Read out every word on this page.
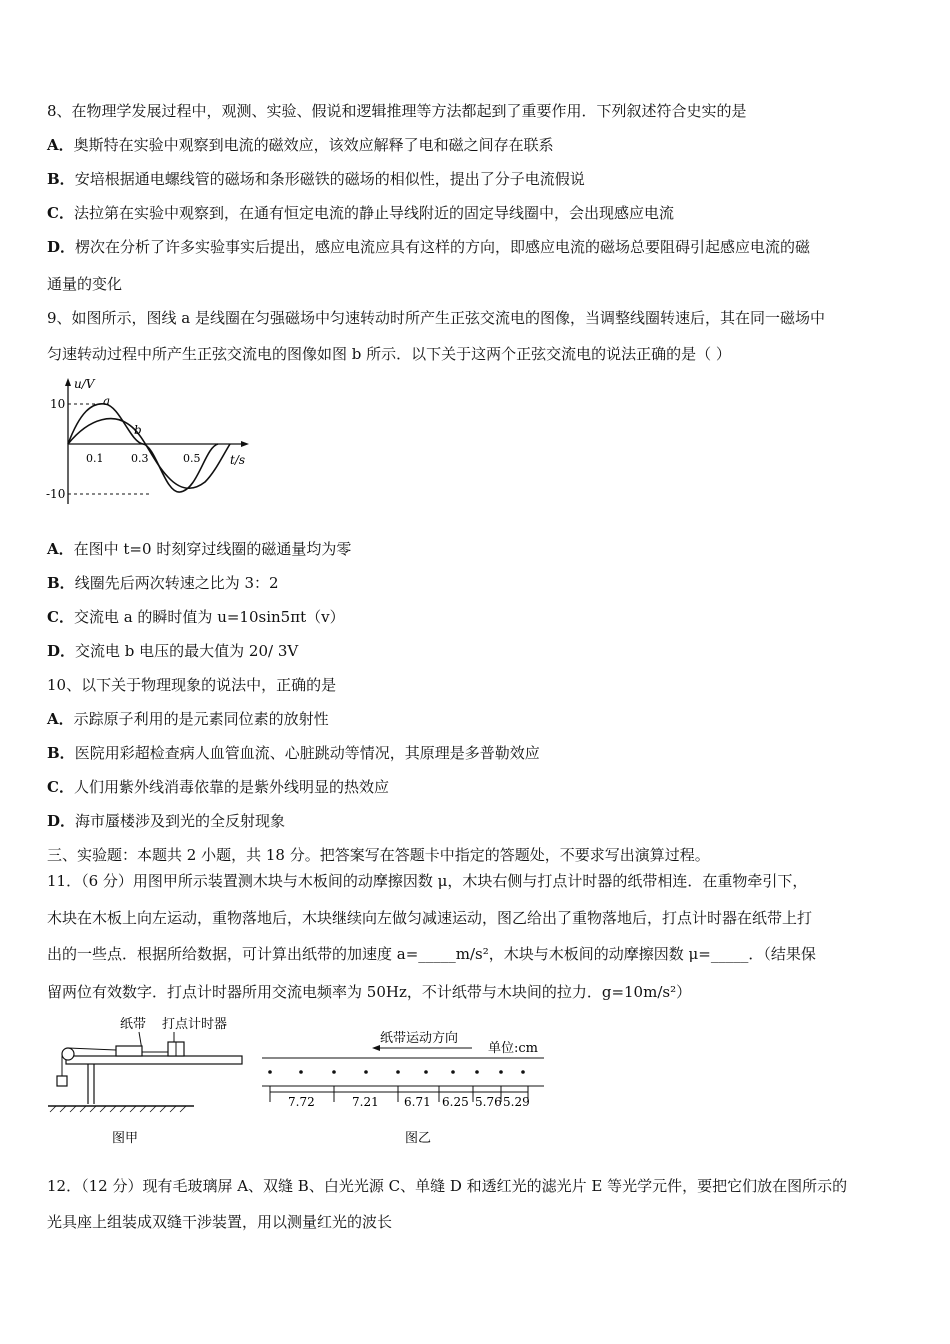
8、在物理学发展过程中，观测、实验、假说和逻辑推理等方法都起到了重要作用．下列叙述符合史实的是
A．奥斯特在实验中观察到电流的磁效应，该效应解释了电和磁之间存在联系
B．安培根据通电螺线管的磁场和条形磁铁的磁场的相似性，提出了分子电流假说
C．法拉第在实验中观察到，在通有恒定电流的静止导线附近的固定导线圈中，会出现感应电流
D．楞次在分析了许多实验事实后提出，感应电流应具有这样的方向，即感应电流的磁场总要阻碍引起感应电流的磁
通量的变化
9、如图所示，图线 a 是线圈在匀强磁场中匀速转动时所产生正弦交流电的图像，当调整线圈转速后，其在同一磁场中
匀速转动过程中所产生正弦交流电的图像如图 b 所示．以下关于这两个正弦交流电的说法正确的是（ ）
u/V
10
-10
a
b
0.1	0.3	0.5 t/s
A．在图中 t=0 时刻穿过线圈的磁通量均为零
B．线圈先后两次转速之比为 3：2
C．交流电 a 的瞬时值为 u=10sin5πt（v）
D．交流电 b 电压的最大值为 20/ 3V
10、以下关于物理现象的说法中，正确的是
A．示踪原子利用的是元素同位素的放射性
B．医院用彩超检查病人血管血流、心脏跳动等情况，其原理是多普勒效应
C．人们用紫外线消毒依靠的是紫外线明显的热效应
D．海市蜃楼涉及到光的全反射现象
三、实验题：本题共 2 小题，共 18 分。把答案写在答题卡中指定的答题处，不要求写出演算过程。
11．（6 分）用图甲所示装置测木块与木板间的动摩擦因数 μ，木块右侧与打点计时器的纸带相连．在重物牵引下，
木块在木板上向左运动，重物落地后，木块继续向左做匀减速运动，图乙给出了重物落地后，打点计时器在纸带上打
出的一些点．根据所给数据，可计算出纸带的加速度 a=_____m/s²，木块与木板间的动摩擦因数 μ=_____．（结果保
留两位有效数字．打点计时器所用交流电频率为 50Hz，不计纸带与木块间的拉力．g=10m/s²）
纸带 打点计时器
图甲
纸带运动方向
单位:cm
7.72	7.21 6.71 6.25 5.76 5.29
图乙
12．（12 分）现有毛玻璃屏 A、双缝 B、白光光源 C、单缝 D 和透红光的滤光片 E 等光学元件，要把它们放在图所示的
光具座上组装成双缝干涉装置，用以测量红光的波长
